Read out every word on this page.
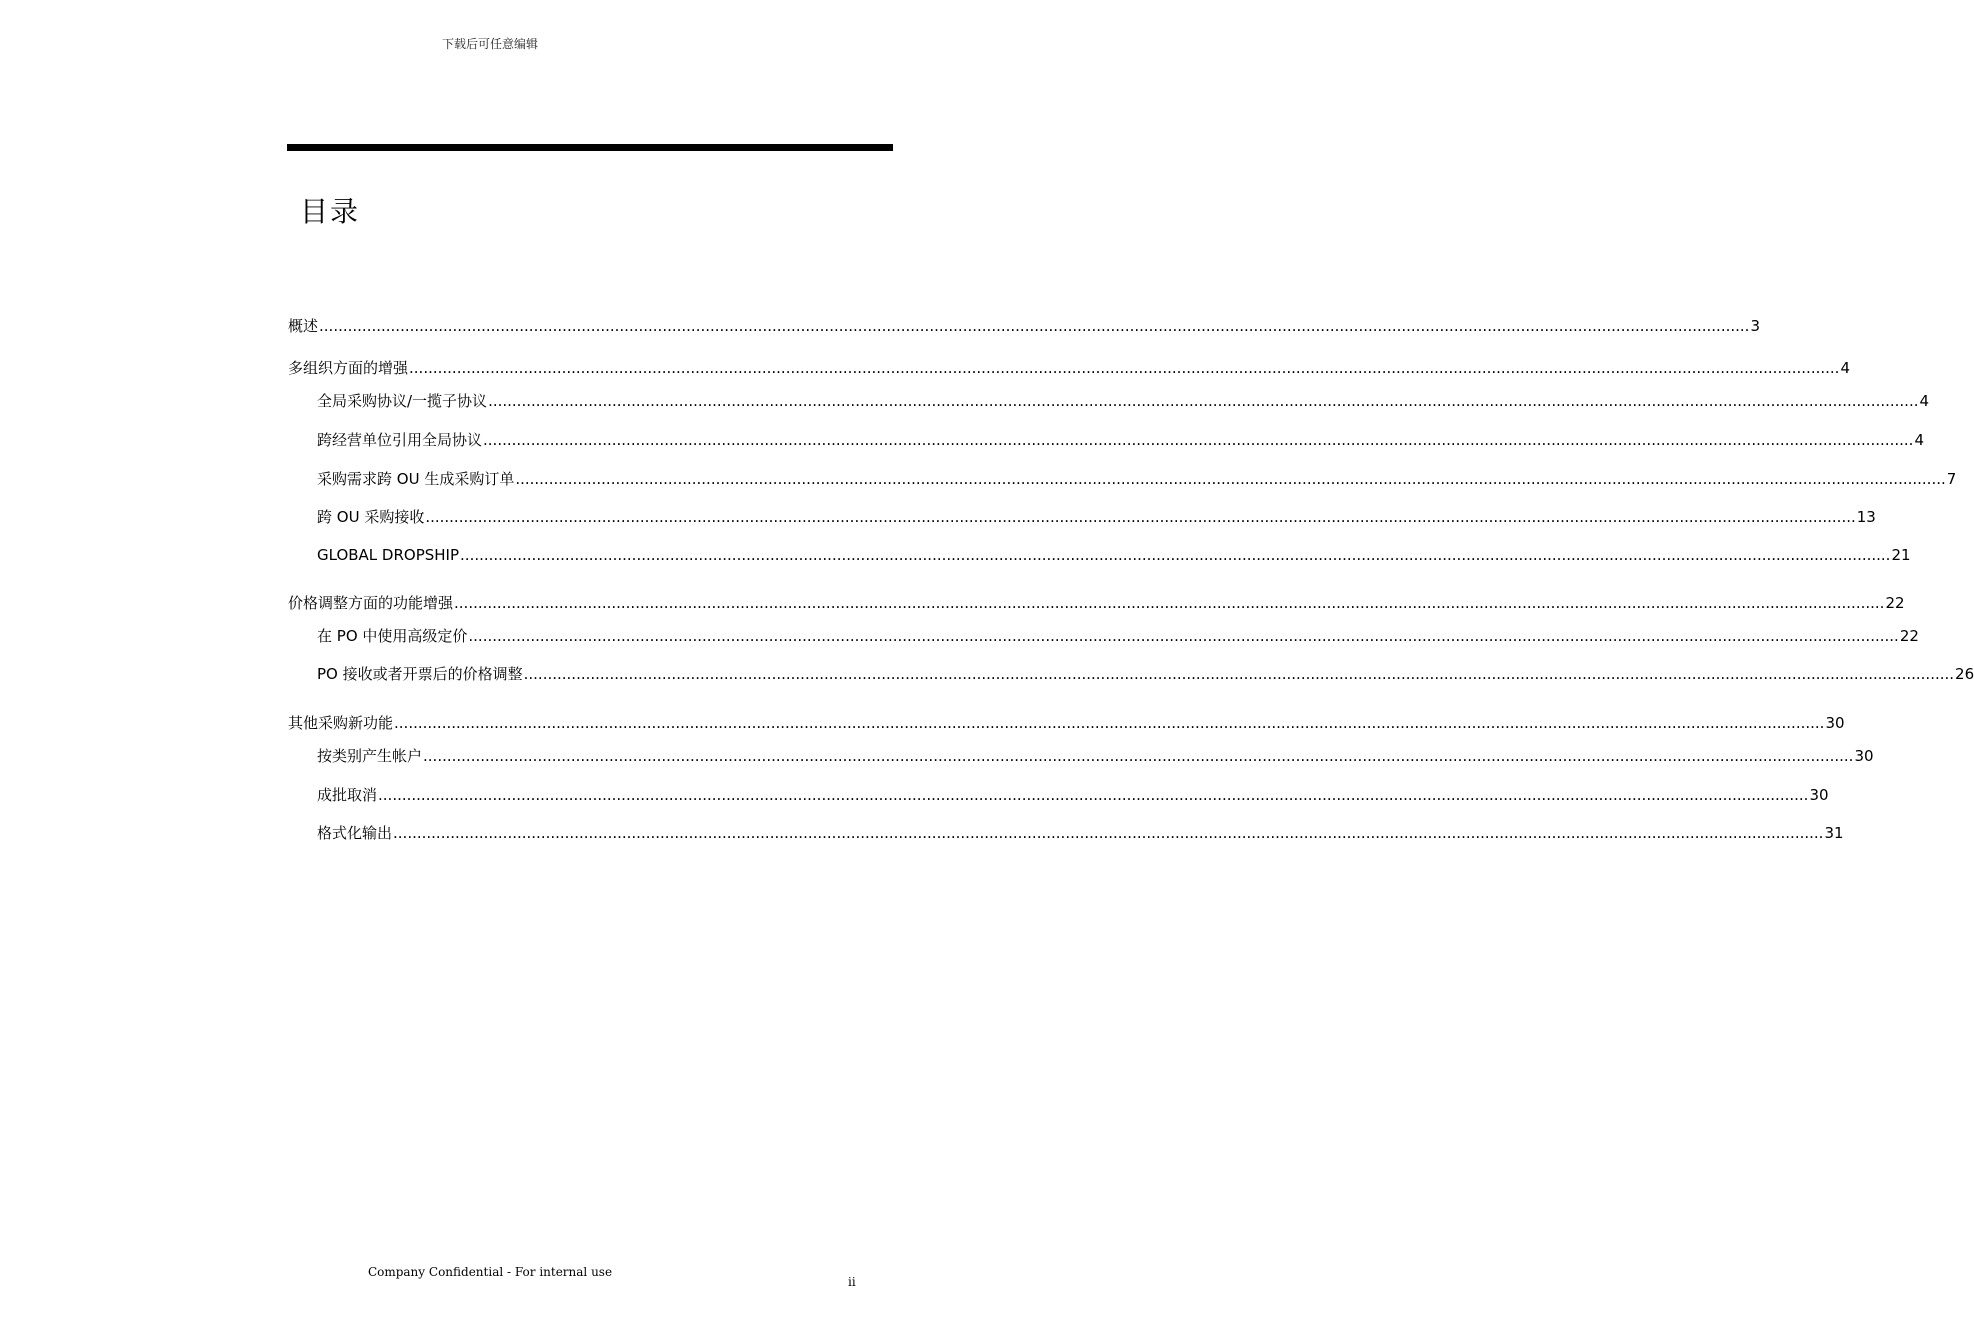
下载后可任意编辑
目录
概述 ............................................................................................................................................................................................................................................................................................................ 3
多组织方面的增强 ............................................................................................................................................................................................................................................................................................................ 4
全局采购协议/一揽子协议 ............................................................................................................................................................................................................................................................................................................ 4
跨经营单位引用全局协议 ............................................................................................................................................................................................................................................................................................................ 4
采购需求跨 OU 生成采购订单 ............................................................................................................................................................................................................................................................................................................ 7
跨 OU 采购接收 ............................................................................................................................................................................................................................................................................................................ 13
GLOBAL DROPSHIP ............................................................................................................................................................................................................................................................................................................ 21
价格调整方面的功能增强 ............................................................................................................................................................................................................................................................................................................ 22
在 PO 中使用高级定价 ............................................................................................................................................................................................................................................................................................................ 22
PO 接收或者开票后的价格调整 ............................................................................................................................................................................................................................................................................................................ 26
其他采购新功能 ............................................................................................................................................................................................................................................................................................................ 30
按类别产生帐户 ............................................................................................................................................................................................................................................................................................................ 30
成批取消 ............................................................................................................................................................................................................................................................................................................ 30
格式化输出 ............................................................................................................................................................................................................................................................................................................ 31
Company Confidential - For internal use
ii
